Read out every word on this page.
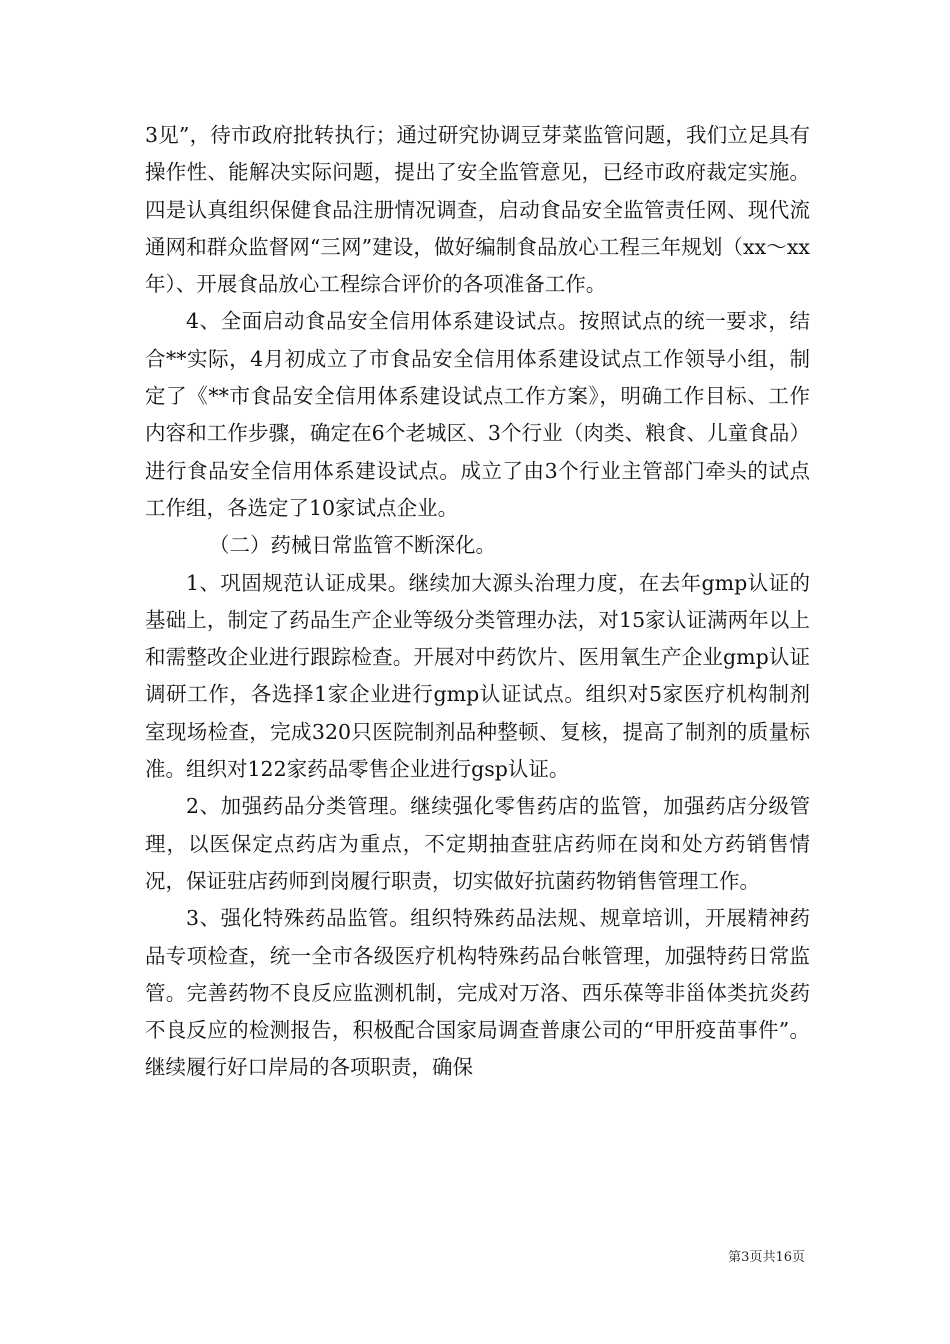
3见”，待市政府批转执行；通过研究协调豆芽菜监管问题，我们立足具有操作性、能解决实际问题，提出了安全监管意见，已经市政府裁定实施。四是认真组织保健食品注册情况调查，启动食品安全监管责任网、现代流通网和群众监督网“三网”建设，做好编制食品放心工程三年规划（xx～xx年）、开展食品放心工程综合评价的各项准备工作。

4、全面启动食品安全信用体系建设试点。按照试点的统一要求，结合**实际，4月初成立了市食品安全信用体系建设试点工作领导小组，制定了《**市食品安全信用体系建设试点工作方案》，明确工作目标、工作内容和工作步骤，确定在6个老城区、3个行业（肉类、粮食、儿童食品）进行食品安全信用体系建设试点。成立了由3个行业主管部门牵头的试点工作组，各选定了10家试点企业。

（二）药械日常监管不断深化。

1、巩固规范认证成果。继续加大源头治理力度，在去年gmp认证的基础上，制定了药品生产企业等级分类管理办法，对15家认证满两年以上和需整改企业进行跟踪检查。开展对中药饮片、医用氧生产企业gmp认证调研工作，各选择1家企业进行gmp认证试点。组织对5家医疗机构制剂室现场检查，完成320只医院制剂品种整顿、复核，提高了制剂的质量标准。组织对122家药品零售企业进行gsp认证。

2、加强药品分类管理。继续强化零售药店的监管，加强药店分级管理，以医保定点药店为重点，不定期抽查驻店药师在岗和处方药销售情况，保证驻店药师到岗履行职责，切实做好抗菌药物销售管理工作。

3、强化特殊药品监管。组织特殊药品法规、规章培训，开展精神药品专项检查，统一全市各级医疗机构特殊药品台帐管理，加强特药日常监管。完善药物不良反应监测机制，完成对万洛、西乐葆等非甾体类抗炎药不良反应的检测报告，积极配合国家局调查普康公司的“甲肝疫苗事件”。继续履行好口岸局的各项职责，确保

第3页共16页
